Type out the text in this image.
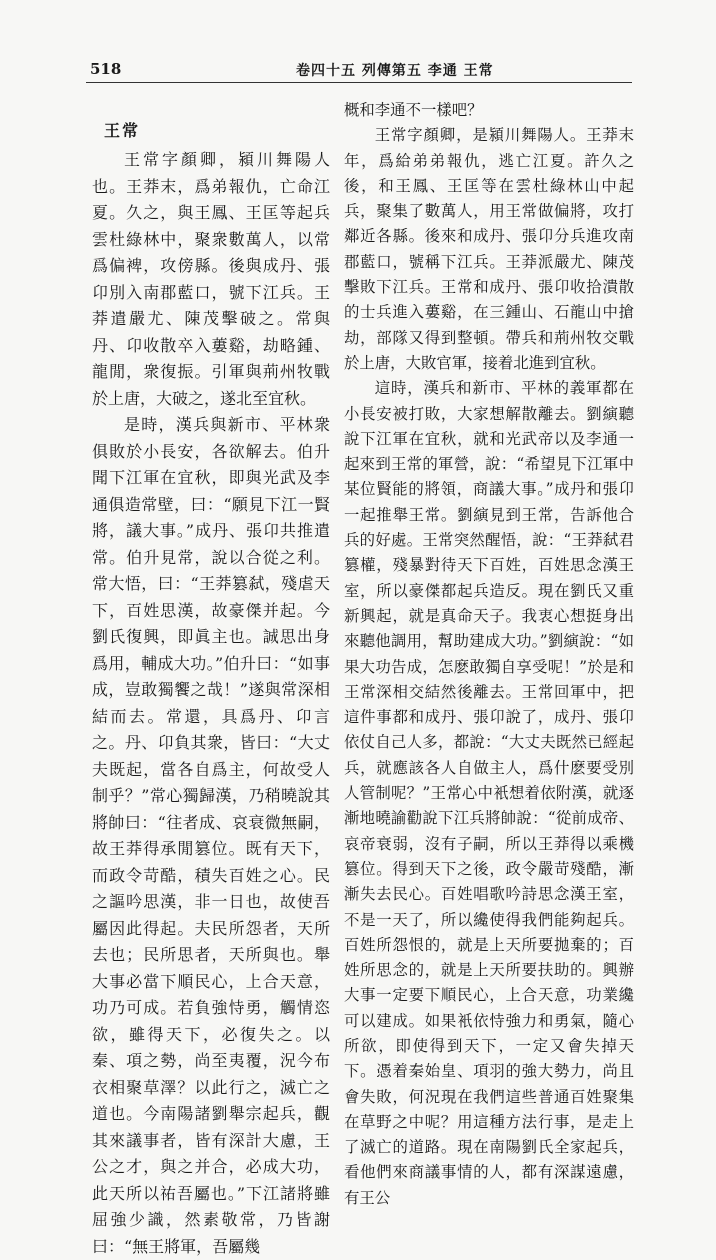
518	卷四十五 列傳第五 李通 王常
王常

王常字顏卿，潁川舞陽人也。王莽末，爲弟報仇，亡命江夏。久之，與王鳳、王匡等起兵雲杜綠林中，聚衆數萬人，以常爲偏裨，攻傍縣。後與成丹、張卬別入南郡藍口，號下江兵。王莽遣嚴尤、陳茂擊破之。常與丹、卬收散卒入蔞谿，劫略鍾、龍閒，衆復振。引軍與荊州牧戰於上唐，大破之，遂北至宜秋。

是時，漢兵與新市、平林衆俱敗於小長安，各欲解去。伯升聞下江軍在宜秋，即與光武及李通俱造常壁，曰：“願見下江一賢將，議大事。”成丹、張卬共推遣常。伯升見常，說以合從之利。常大悟，曰：“王莽篡弑，殘虐天下，百姓思漢，故豪傑并起。今劉氏復興，即眞主也。誠思出身爲用，輔成大功。”伯升曰：“如事成，豈敢獨饗之哉！”遂與常深相結而去。常還，具爲丹、卬言之。丹、卬負其衆，皆曰：“大丈夫既起，當各自爲主，何故受人制乎？”常心獨歸漢，乃稍曉說其將帥曰：“往者成、哀衰微無嗣，故王莽得承閒篡位。既有天下，而政令苛酷，積失百姓之心。民之謳吟思漢，非一日也，故使吾屬因此得起。夫民所怨者，天所去也；民所思者，天所與也。舉大事必當下順民心，上合天意，功乃可成。若負強恃勇，觸情恣欲，雖得天下，必復失之。以秦、項之勢，尚至夷覆，況今布衣相聚草澤？以此行之，滅亡之道也。今南陽諸劉舉宗起兵，觀其來議事者，皆有深計大慮，王公之才，與之并合，必成大功，此天所以祐吾屬也。”下江諸將雖屈強少識，然素敬常，乃皆謝曰：“無王將軍，吾屬幾

概和李通不一樣吧？

王常字顏卿，是潁川舞陽人。王莽末年，爲給弟弟報仇，逃亡江夏。許久之後，和王鳳、王匡等在雲杜綠林山中起兵，聚集了數萬人，用王常做偏將，攻打鄰近各縣。後來和成丹、張卬分兵進攻南郡藍口，號稱下江兵。王莽派嚴尤、陳茂擊敗下江兵。王常和成丹、張卬收拾潰散的士兵進入蔞谿，在三鍾山、石龍山中搶劫，部隊又得到整頓。帶兵和荊州牧交戰於上唐，大敗官軍，接着北進到宜秋。

這時，漢兵和新市、平林的義軍都在小長安被打敗，大家想解散離去。劉縯聽說下江軍在宜秋，就和光武帝以及李通一起來到王常的軍營，說：“希望見下江軍中某位賢能的將領，商議大事。”成丹和張卬一起推舉王常。劉縯見到王常，告訴他合兵的好處。王常突然醒悟，說：“王莽弑君篡權，殘暴對待天下百姓，百姓思念漢王室，所以豪傑都起兵造反。現在劉氏又重新興起，就是真命天子。我衷心想挺身出來聽他調用，幫助建成大功。”劉縯說：“如果大功告成，怎麽敢獨自享受呢！”於是和王常深相交結然後離去。王常回軍中，把這件事都和成丹、張卬說了，成丹、張卬依仗自己人多，都說：“大丈夫既然已經起兵，就應該各人自做主人，爲什麽要受別人管制呢？”王常心中衹想着依附漢，就逐漸地曉諭勸說下江兵將帥說：“從前成帝、哀帝衰弱，沒有子嗣，所以王莽得以乘機篡位。得到天下之後，政令嚴苛殘酷，漸漸失去民心。百姓唱歌吟詩思念漢王室，不是一天了，所以纔使得我們能夠起兵。百姓所怨恨的，就是上天所要拋棄的；百姓所思念的，就是上天所要扶助的。興辦大事一定要下順民心，上合天意，功業纔可以建成。如果衹依恃強力和勇氣，隨心所欲，即使得到天下，一定又會失掉天下。憑着秦始皇、項羽的強大勢力，尚且會失敗，何況現在我們這些普通百姓聚集在草野之中呢？用這種方法行事，是走上了滅亡的道路。現在南陽劉氏全家起兵，看他們來商議事情的人，都有深謀遠慮，有王公
